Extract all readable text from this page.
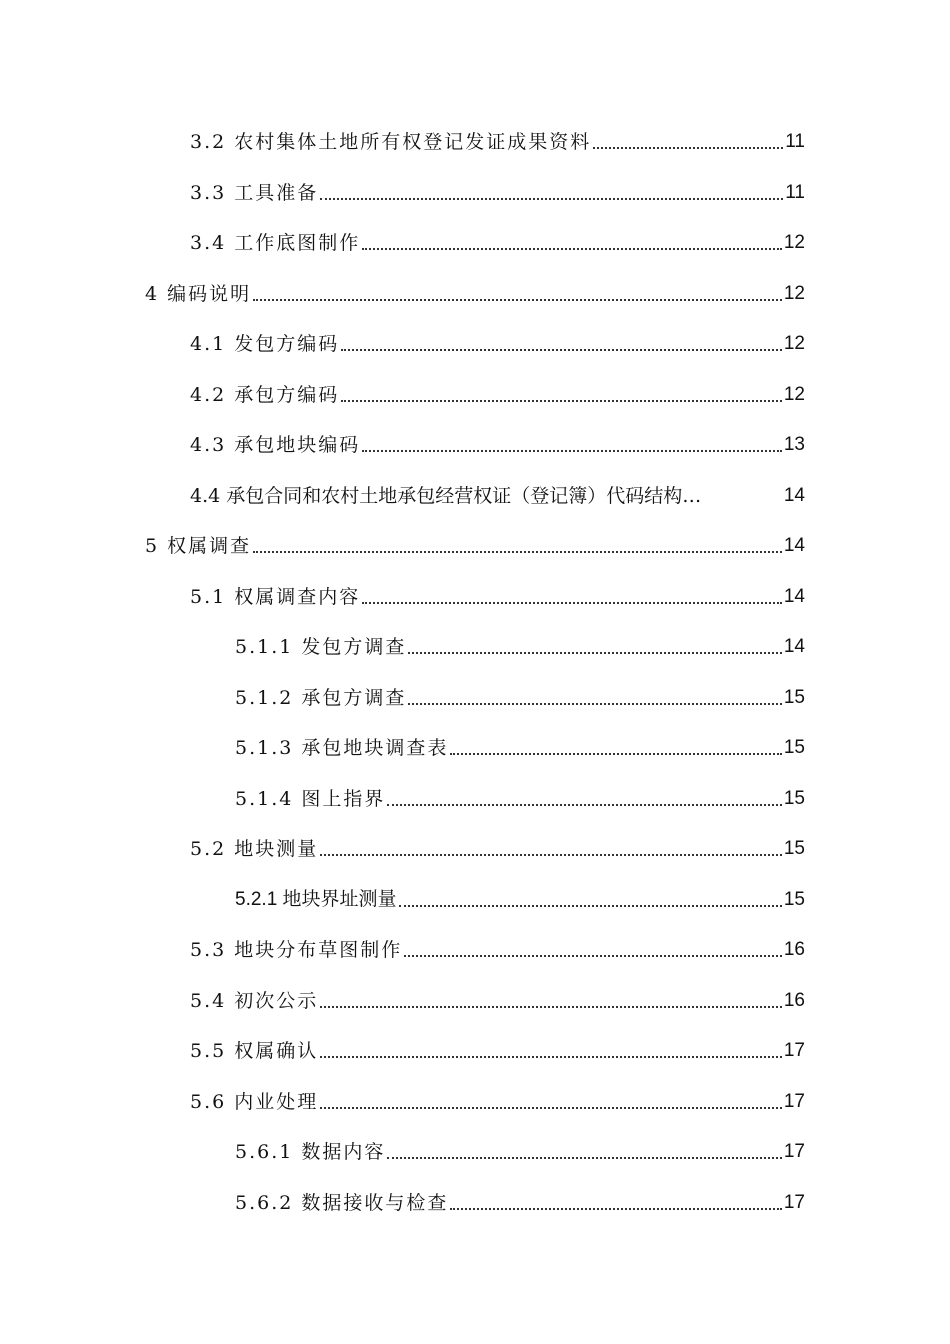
3.2 农村集体土地所有权登记发证成果资料	11
3.3 工具准备	11
3.4 工作底图制作	12
4 编码说明	12
4.1 发包方编码	12
4.2 承包方编码	12
4.3 承包地块编码	13
4.4 承包合同和农村土地承包经营权证（登记簿）代码结构…	14
5 权属调查	14
5.1 权属调查内容	14
5.1.1 发包方调查	14
5.1.2 承包方调查	15
5.1.3 承包地块调查表	15
5.1.4 图上指界	15
5.2 地块测量	15
5.2.1 地块界址测量	15
5.3 地块分布草图制作	16
5.4 初次公示	16
5.5 权属确认	17
5.6 内业处理	17
5.6.1 数据内容	17
5.6.2 数据接收与检查	17
